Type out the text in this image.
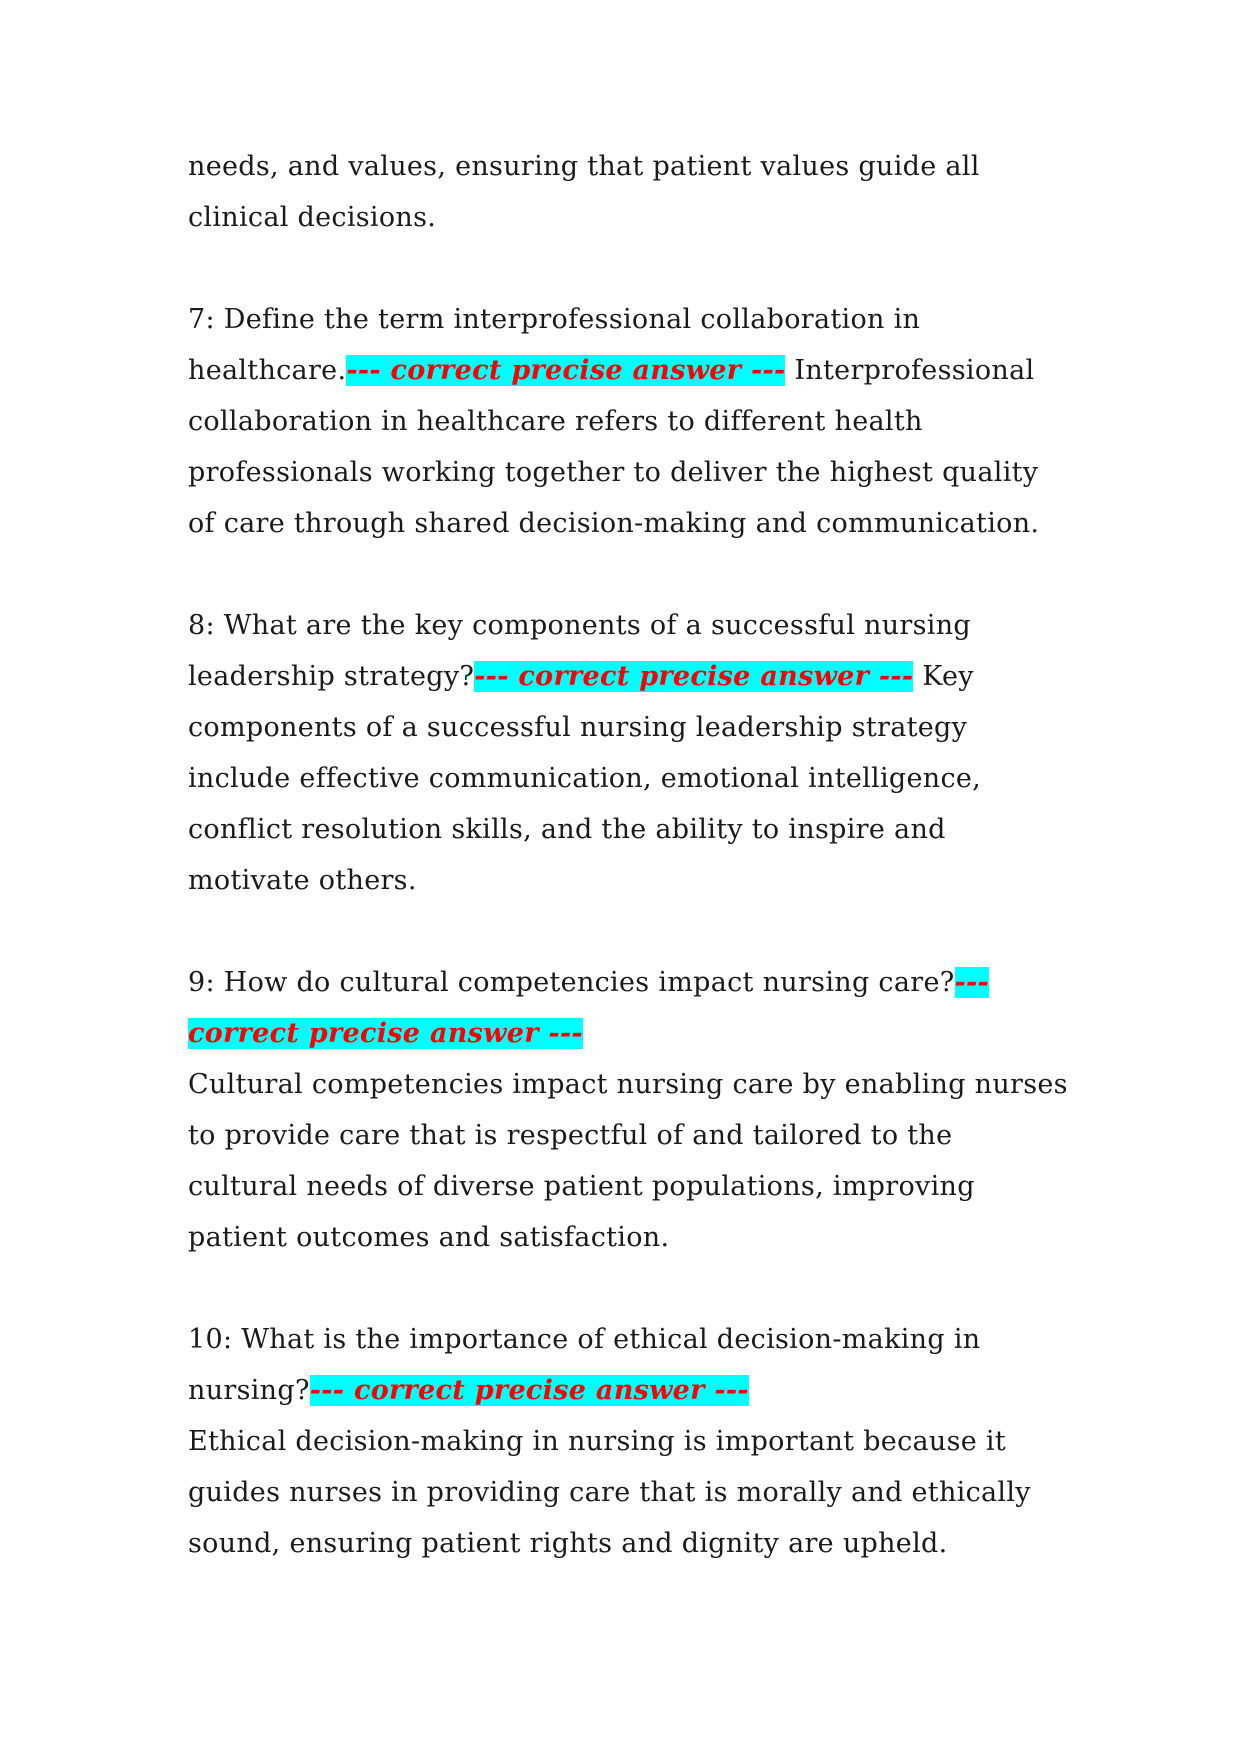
needs, and values, ensuring that patient values guide all clinical decisions.

7: Define the term interprofessional collaboration in healthcare.--- correct precise answer --- Interprofessional collaboration in healthcare refers to different health professionals working together to deliver the highest quality of care through shared decision-making and communication.

8: What are the key components of a successful nursing leadership strategy?--- correct precise answer --- Key components of a successful nursing leadership strategy include effective communication, emotional intelligence, conflict resolution skills, and the ability to inspire and motivate others.

9: How do cultural competencies impact nursing care?--- correct precise answer ---
Cultural competencies impact nursing care by enabling nurses to provide care that is respectful of and tailored to the cultural needs of diverse patient populations, improving patient outcomes and satisfaction.

10: What is the importance of ethical decision-making in nursing?--- correct precise answer ---
Ethical decision-making in nursing is important because it guides nurses in providing care that is morally and ethically sound, ensuring patient rights and dignity are upheld.
